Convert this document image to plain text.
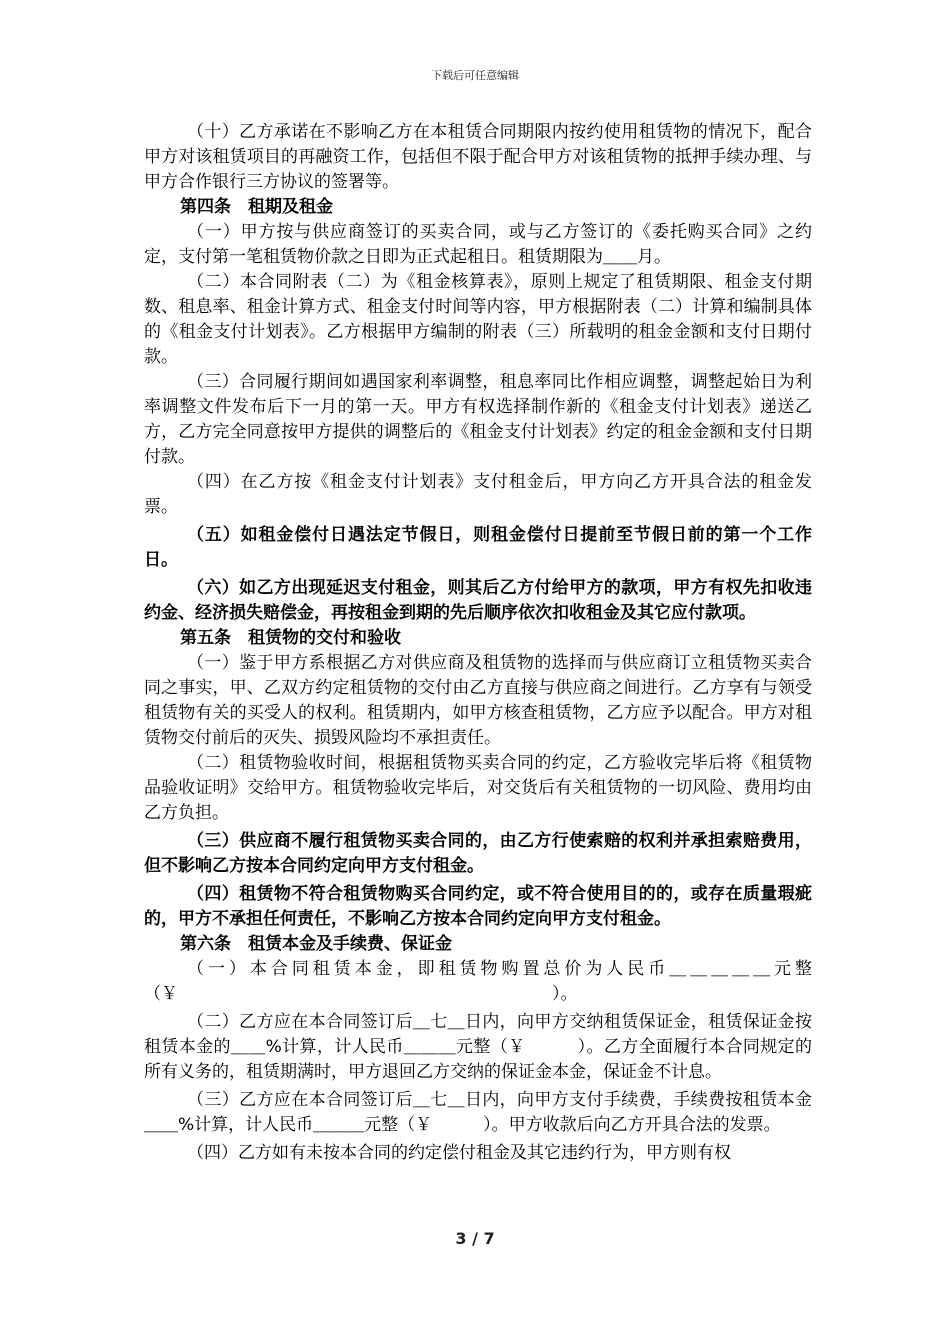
下载后可任意编辑

（十）乙方承诺在不影响乙方在本租赁合同期限内按约使用租赁物的情况下，配合甲方对该租赁项目的再融资工作，包括但不限于配合甲方对该租赁物的抵押手续办理、与甲方合作银行三方协议的签署等。

第四条　租期及租金

（一）甲方按与供应商签订的买卖合同，或与乙方签订的《委托购买合同》之约定，支付第一笔租赁物价款之日即为正式起租日。租赁期限为＿＿月。

（二）本合同附表（二）为《租金核算表》，原则上规定了租赁期限、租金支付期数、租息率、租金计算方式、租金支付时间等内容，甲方根据附表（二）计算和编制具体的《租金支付计划表》。乙方根据甲方编制的附表（三）所载明的租金金额和支付日期付款。

（三）合同履行期间如遇国家利率调整，租息率同比作相应调整，调整起始日为利率调整文件发布后下一月的第一天。甲方有权选择制作新的《租金支付计划表》递送乙方，乙方完全同意按甲方提供的调整后的《租金支付计划表》约定的租金金额和支付日期付款。

（四）在乙方按《租金支付计划表》支付租金后，甲方向乙方开具合法的租金发票。

（五）如租金偿付日遇法定节假日，则租金偿付日提前至节假日前的第一个工作日。

（六）如乙方出现延迟支付租金，则其后乙方付给甲方的款项，甲方有权先扣收违约金、经济损失赔偿金，再按租金到期的先后顺序依次扣收租金及其它应付款项。

第五条　租赁物的交付和验收

（一）鉴于甲方系根据乙方对供应商及租赁物的选择而与供应商订立租赁物买卖合同之事实，甲、乙双方约定租赁物的交付由乙方直接与供应商之间进行。乙方享有与领受租赁物有关的买受人的权利。租赁期内，如甲方核查租赁物，乙方应予以配合。甲方对租赁物交付前后的灭失、损毁风险均不承担责任。

（二）租赁物验收时间，根据租赁物买卖合同的约定，乙方验收完毕后将《租赁物品验收证明》交给甲方。租赁物验收完毕后，对交货后有关租赁物的一切风险、费用均由乙方负担。

（三）供应商不履行租赁物买卖合同的，由乙方行使索赔的权利并承担索赔费用，但不影响乙方按本合同约定向甲方支付租金。

（四）租赁物不符合租赁物购买合同约定，或不符合使用目的的，或存在质量瑕疵的，甲方不承担任何责任，不影响乙方按本合同约定向甲方支付租金。

第六条　租赁本金及手续费、保证金

（一）本合同租赁本金，即租赁物购置总价为人民币＿＿＿＿＿元整（￥　　　　　　　　　　　　　　　　　　　　　　）。

（二）乙方应在本合同签订后＿七＿日内，向甲方交纳租赁保证金，租赁保证金按租赁本金的＿＿%计算，计人民币＿＿＿元整（￥　　　）。乙方全面履行本合同规定的所有义务的，租赁期满时，甲方退回乙方交纳的保证金本金，保证金不计息。

（三）乙方应在本合同签订后＿七＿日内，向甲方支付手续费，手续费按租赁本金＿＿%计算，计人民币＿＿＿元整（￥　　　）。甲方收款后向乙方开具合法的发票。

（四）乙方如有未按本合同的约定偿付租金及其它违约行为，甲方则有权

3 / 7
